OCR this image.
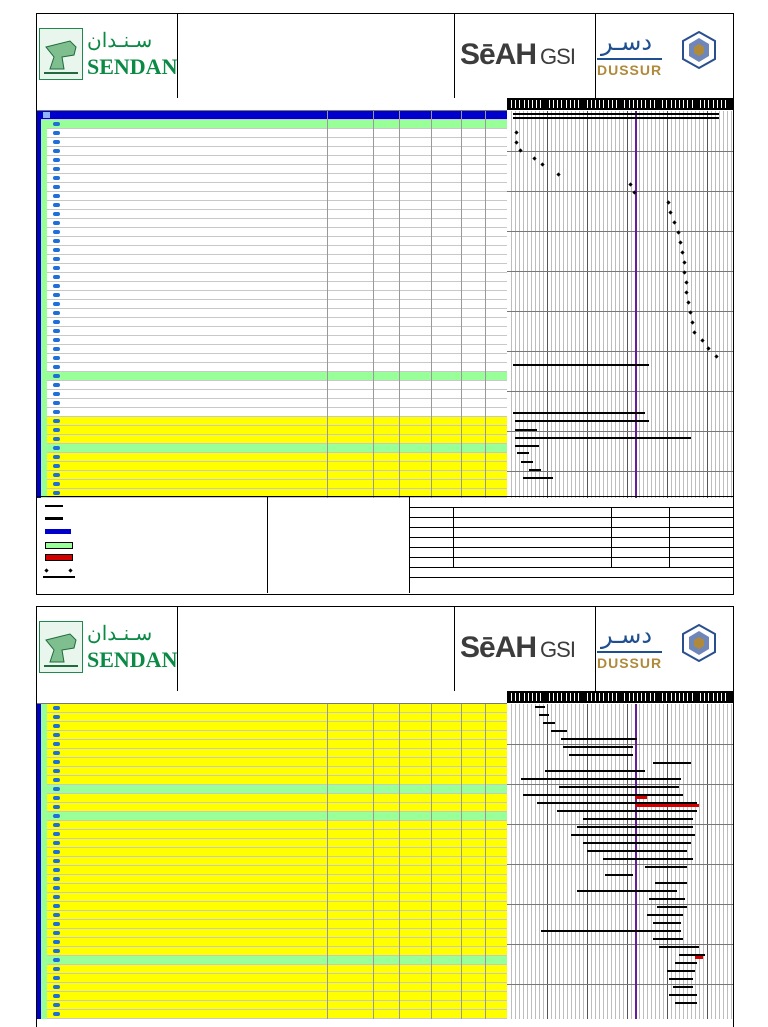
سـنـدان
SENDAN	SēAH GSI
دسـر
DUSSUR
سـنـدان
SENDAN	SēAH GSI
دسـر
DUSSUR
